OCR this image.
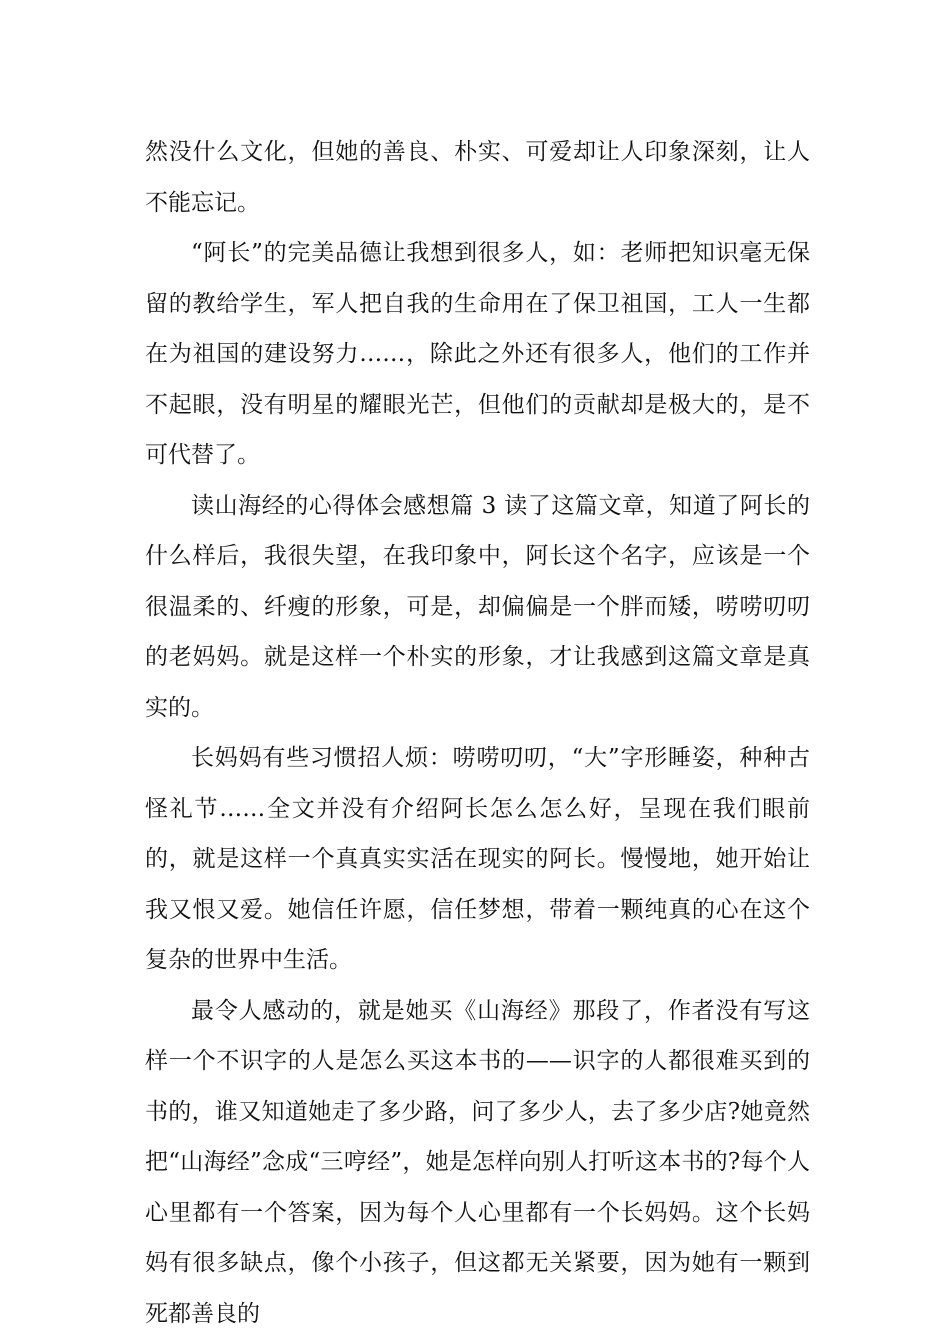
然没什么文化，但她的善良、朴实、可爱却让人印象深刻，让人不能忘记。

“阿长”的完美品德让我想到很多人，如：老师把知识毫无保留的教给学生，军人把自我的生命用在了保卫祖国，工人一生都在为祖国的建设努力……，除此之外还有很多人，他们的工作并不起眼，没有明星的耀眼光芒，但他们的贡献却是极大的，是不可代替了。

读山海经的心得体会感想篇 3 读了这篇文章，知道了阿长的什么样后，我很失望，在我印象中，阿长这个名字，应该是一个很温柔的、纤瘦的形象，可是，却偏偏是一个胖而矮，唠唠叨叨的老妈妈。就是这样一个朴实的形象，才让我感到这篇文章是真实的。

长妈妈有些习惯招人烦：唠唠叨叨，“大”字形睡姿，种种古怪礼节……全文并没有介绍阿长怎么怎么好，呈现在我们眼前的，就是这样一个真真实实活在现实的阿长。慢慢地，她开始让我又恨又爱。她信任许愿，信任梦想，带着一颗纯真的心在这个复杂的世界中生活。

最令人感动的，就是她买《山海经》那段了，作者没有写这样一个不识字的人是怎么买这本书的——识字的人都很难买到的书的，谁又知道她走了多少路，问了多少人，去了多少店?她竟然把“山海经”念成“三哼经”，她是怎样向别人打听这本书的?每个人心里都有一个答案，因为每个人心里都有一个长妈妈。这个长妈妈有很多缺点，像个小孩子，但这都无关紧要，因为她有一颗到死都善良的
